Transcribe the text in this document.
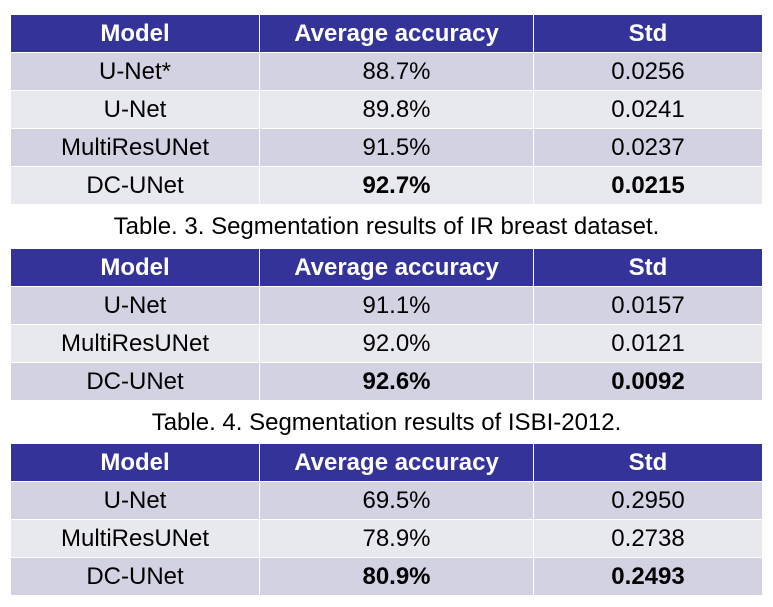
Model	Average accuracy	Std
U-Net*	88.7%	0.0256
U-Net	89.8%	0.0241
MultiResUNet	91.5%	0.0237
DC-UNet	92.7%	0.0215
Table. 3. Segmentation results of IR breast dataset.
Model	Average accuracy	Std
U-Net	91.1%	0.0157
MultiResUNet	92.0%	0.0121
DC-UNet	92.6%	0.0092
Table. 4. Segmentation results of ISBI-2012.
Model	Average accuracy	Std
U-Net	69.5%	0.2950
MultiResUNet	78.9%	0.2738
DC-UNet	80.9%	0.2493
